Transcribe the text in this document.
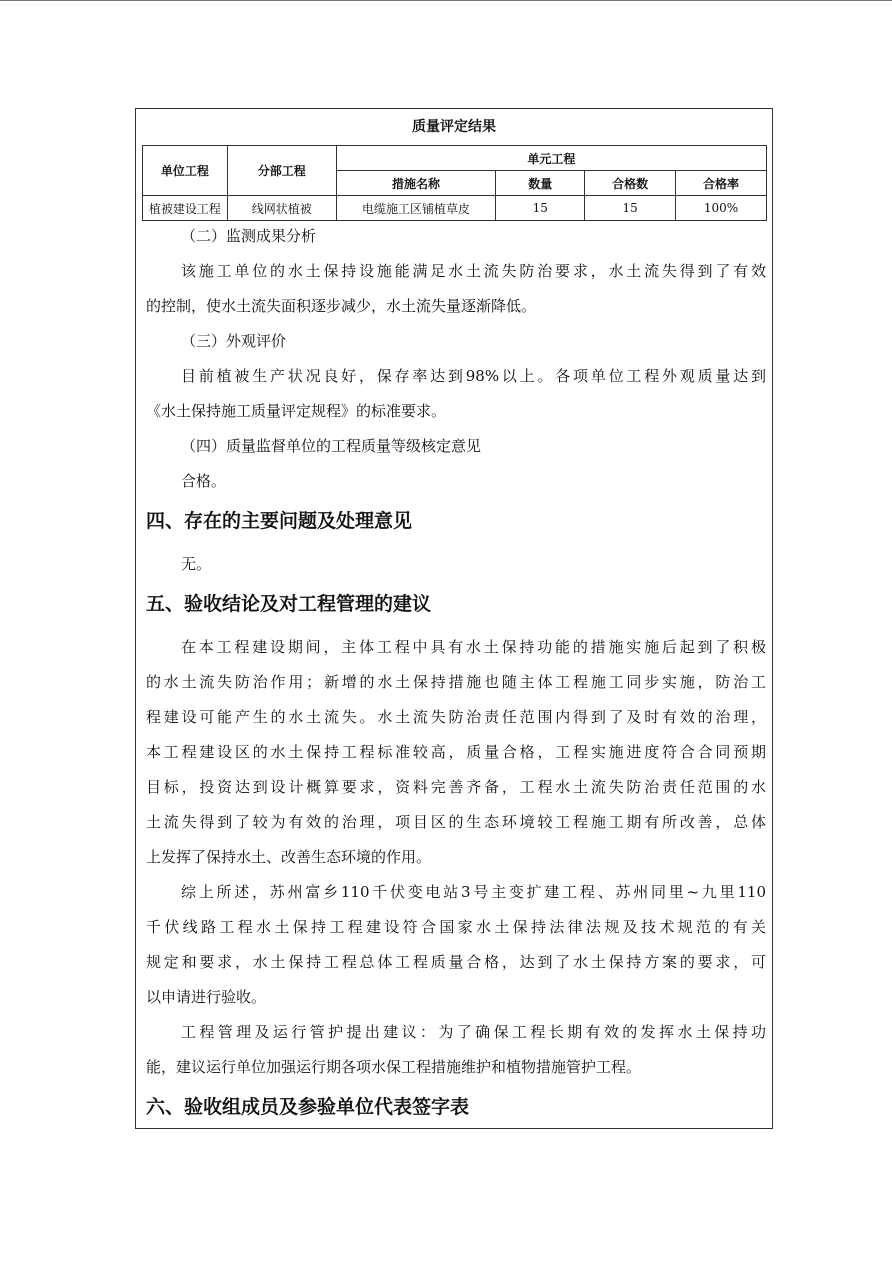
质量评定结果
单位工程	分部工程	单元工程			
		措施名称	数量	合格数	合格率
植被建设工程	线网状植被	电缆施工区铺植草皮	15	15	100%
（二）监测成果分析
该施工单位的水土保持设施能满足水土流失防治要求，水土流失得到了有效
的控制，使水土流失面积逐步减少，水土流失量逐渐降低。
（三）外观评价
目前植被生产状况良好，保存率达到98%以上。各项单位工程外观质量达到
《水土保持施工质量评定规程》的标准要求。
（四）质量监督单位的工程质量等级核定意见
合格。
四、存在的主要问题及处理意见
无。
五、验收结论及对工程管理的建议
在本工程建设期间，主体工程中具有水土保持功能的措施实施后起到了积极
的水土流失防治作用；新增的水土保持措施也随主体工程施工同步实施，防治工
程建设可能产生的水土流失。水土流失防治责任范围内得到了及时有效的治理，
本工程建设区的水土保持工程标准较高，质量合格，工程实施进度符合合同预期
目标，投资达到设计概算要求，资料完善齐备，工程水土流失防治责任范围的水
土流失得到了较为有效的治理，项目区的生态环境较工程施工期有所改善，总体
上发挥了保持水土、改善生态环境的作用。
综上所述，苏州富乡110千伏变电站3号主变扩建工程、苏州同里~九里110
千伏线路工程水土保持工程建设符合国家水土保持法律法规及技术规范的有关
规定和要求，水土保持工程总体工程质量合格，达到了水土保持方案的要求，可
以申请进行验收。
工程管理及运行管护提出建议：为了确保工程长期有效的发挥水土保持功
能，建议运行单位加强运行期各项水保工程措施维护和植物措施管护工程。
六、验收组成员及参验单位代表签字表
